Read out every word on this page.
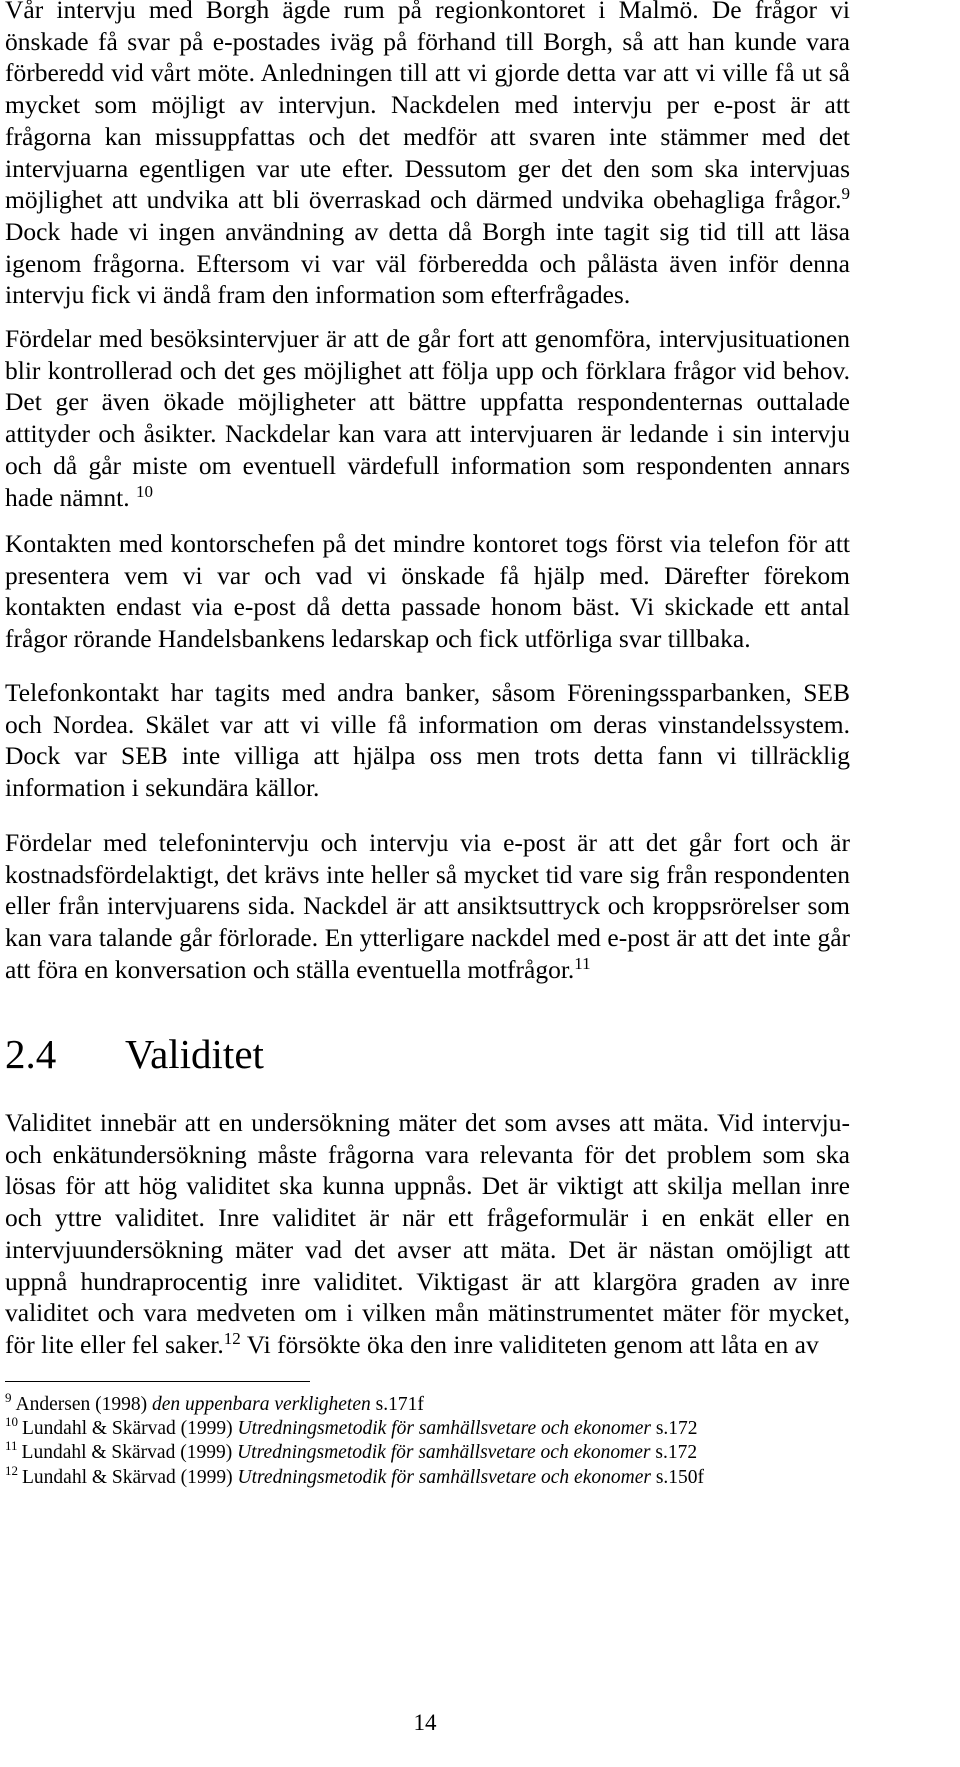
Vår intervju med Borgh ägde rum på regionkontoret i Malmö. De frågor vi önskade få svar på e-postades iväg på förhand till Borgh, så att han kunde vara förberedd vid vårt möte. Anledningen till att vi gjorde detta var att vi ville få ut så mycket som möjligt av intervjun. Nackdelen med intervju per e-post är att frågorna kan missuppfattas och det medför att svaren inte stämmer med det intervjuarna egentligen var ute efter. Dessutom ger det den som ska intervjuas möjlighet att undvika att bli överraskad och därmed undvika obehagliga frågor.$^9$ Dock hade vi ingen användning av detta då Borgh inte tagit sig tid till att läsa igenom frågorna. Eftersom vi var väl förberedda och pålästa även inför denna intervju fick vi ändå fram den information som efterfrågades.

Fördelar med besöksintervjuer är att de går fort att genomföra, intervjusituationen blir kontrollerad och det ges möjlighet att följa upp och förklara frågor vid behov. Det ger även ökade möjligheter att bättre uppfatta respondenternas outtalade attityder och åsikter. Nackdelar kan vara att intervjuaren är ledande i sin intervju och då går miste om eventuell värdefull information som respondenten annars hade nämnt. $^{10}$

Kontakten med kontorschefen på det mindre kontoret togs först via telefon för att presentera vem vi var och vad vi önskade få hjälp med. Därefter förekom kontakten endast via e-post då detta passade honom bäst. Vi skickade ett antal frågor rörande Handelsbankens ledarskap och fick utförliga svar tillbaka.

Telefonkontakt har tagits med andra banker, såsom Föreningssparbanken, SEB och Nordea. Skälet var att vi ville få information om deras vinstandelssystem. Dock var SEB inte villiga att hjälpa oss men trots detta fann vi tillräcklig information i sekundära källor.

Fördelar med telefonintervju och intervju via e-post är att det går fort och är kostnadsfördelaktigt, det krävs inte heller så mycket tid vare sig från respondenten eller från intervjuarens sida. Nackdel är att ansiktsuttryck och kroppsrörelser som kan vara talande går förlorade. En ytterligare nackdel med e-post är att det inte går att föra en konversation och ställa eventuella motfrågor.$^{11}$

2.4 Validitet

Validitet innebär att en undersökning mäter det som avses att mäta. Vid intervju- och enkätundersökning måste frågorna vara relevanta för det problem som ska lösas för att hög validitet ska kunna uppnås. Det är viktigt att skilja mellan inre och yttre validitet. Inre validitet är när ett frågeformulär i en enkät eller en intervjuundersökning mäter vad det avser att mäta. Det är nästan omöjligt att uppnå hundraprocentig inre validitet. Viktigast är att klargöra graden av inre validitet och vara medveten om i vilken mån mätinstrumentet mäter för mycket, för lite eller fel saker.$^{12}$ Vi försökte öka den inre validiteten genom att låta en av

$^9$ Andersen (1998) den uppenbara verkligheten s.171f

$^{10}$ Lundahl & Skärvad (1999) Utredningsmetodik för samhällsvetare och ekonomer s.172

$^{11}$ Lundahl & Skärvad (1999) Utredningsmetodik för samhällsvetare och ekonomer s.172

$^{12}$ Lundahl & Skärvad (1999) Utredningsmetodik för samhällsvetare och ekonomer s.150f

14
